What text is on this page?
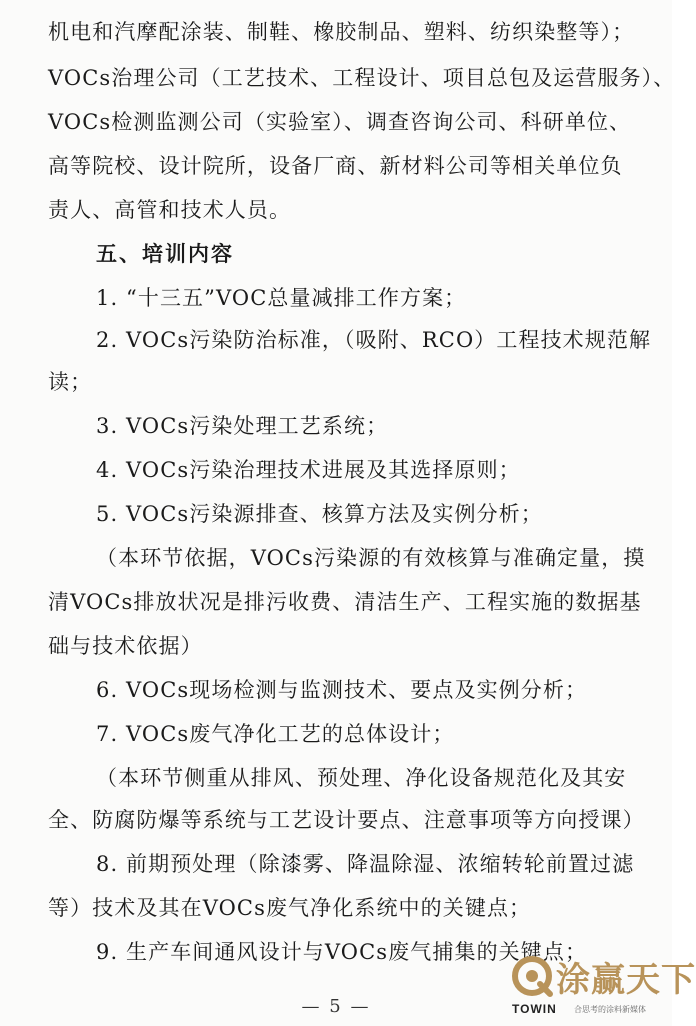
机电和汽摩配涂装、制鞋、橡胶制品、塑料、纺织染整等）；
VOCs治理公司（工艺技术、工程设计、项目总包及运营服务）、
VOCs检测监测公司（实验室）、调查咨询公司、科研单位、
高等院校、设计院所，设备厂商、新材料公司等相关单位负
责人、高管和技术人员。
五、培训内容
1. “十三五”VOC总量减排工作方案；
2. VOCs污染防治标准，（吸附、RCO）工程技术规范解
读；
3. VOCs污染处理工艺系统；
4. VOCs污染治理技术进展及其选择原则；
5. VOCs污染源排查、核算方法及实例分析；
（本环节依据，VOCs污染源的有效核算与准确定量，摸
清VOCs排放状况是排污收费、清洁生产、工程实施的数据基
础与技术依据）
6. VOCs现场检测与监测技术、要点及实例分析；
7. VOCs废气净化工艺的总体设计；
（本环节侧重从排风、预处理、净化设备规范化及其安
全、防腐防爆等系统与工艺设计要点、注意事项等方向授课）
8. 前期预处理（除漆雾、降温除湿、浓缩转轮前置过滤
等）技术及其在VOCs废气净化系统中的关键点；
9. 生产车间通风设计与VOCs废气捕集的关键点；
— 5 —
涂赢天下
TOWIN 合思考的涂料新媒体
